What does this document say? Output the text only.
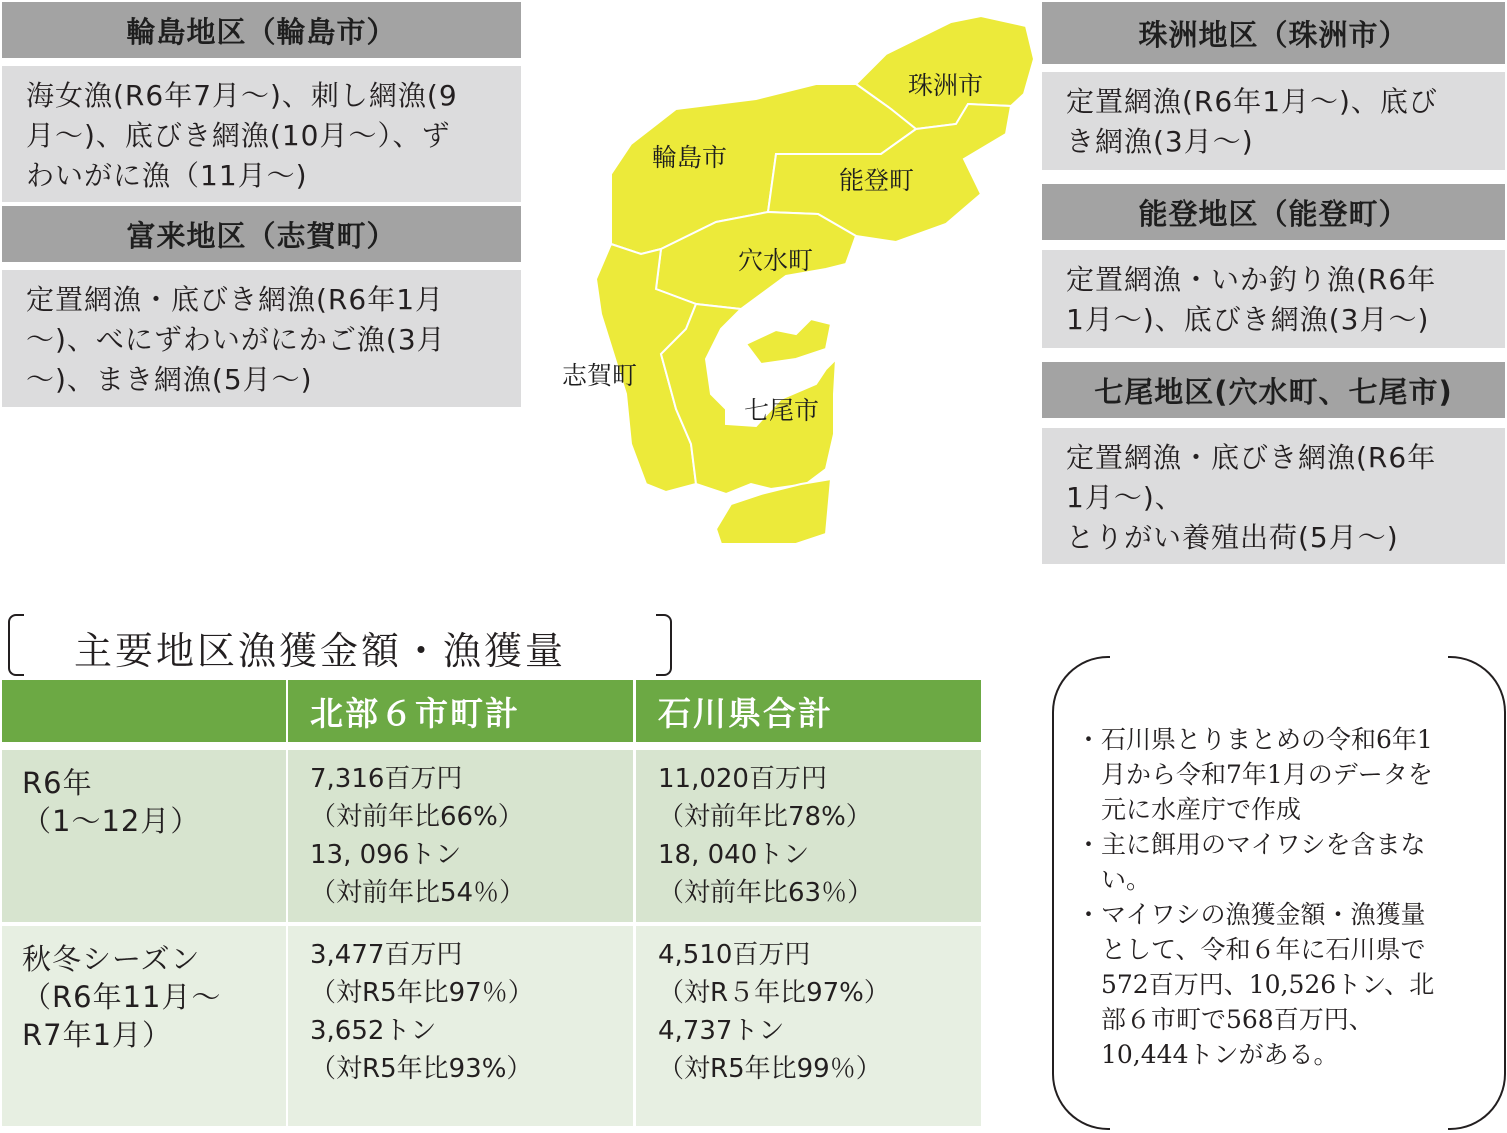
輪島地区（輪島市）
海女漁(R6年7月～)、刺し網漁(9
月～)、底びき網漁(10月～）、ず
わいがに漁（11月～)
富来地区（志賀町）
定置網漁・底びき網漁(R6年1月
～)、べにずわいがにかご漁(3月
～)、まき網漁(5月～)
珠洲地区（珠洲市）
定置網漁(R6年1月～)、底び
き網漁(3月～)
能登地区（能登町）
定置網漁・いか釣り漁(R6年
1月～)、底びき網漁(3月～)
七尾地区(穴水町、七尾市)
定置網漁・底びき網漁(R6年
1月～)、
とりがい養殖出荷(5月～)
珠洲市
輪島市
能登町
穴水町
志賀町
七尾市
主要地区漁獲金額・漁獲量
北部６市町計	石川県合計
R6年
（1～12月）
7,316百万円
（対前年比66%）
13, 096トン
（対前年比54％）
11,020百万円
（対前年比78%）
18, 040トン
（対前年比63％）
秋冬シーズン
（R6年11月～
R7年1月）
3,477百万円
（対R5年比97％）
3,652トン
（対R5年比93%）
4,510百万円
（対R５年比97%）
4,737トン
（対R5年比99％）
・石川県とりまとめの令和6年1
　月から令和7年1月のデータを
　元に水産庁で作成
・主に餌用のマイワシを含まな
　い。
・マイワシの漁獲金額・漁獲量
　として、令和６年に石川県で
　572百万円、10,526トン、北
　部６市町で568百万円、
　10,444トンがある。
